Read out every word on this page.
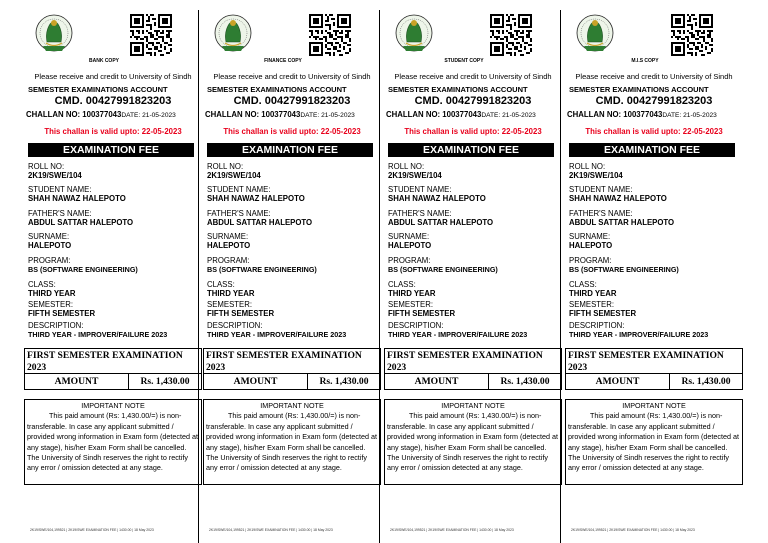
BANK COPY
Please receive and credit to University of Sindh
SEMESTER EXAMINATIONS ACCOUNT
CMD. 00427991823203
CHALLAN NO: 100377043DATE: 21-05-2023
This challan is valid upto: 22-05-2023
EXAMINATION FEE
ROLL NO:
2K19/SWE/104
STUDENT NAME:
SHAH NAWAZ HALEPOTO
FATHER'S NAME:
ABDUL SATTAR HALEPOTO
SURNAME:
HALEPOTO
PROGRAM:
BS (SOFTWARE ENGINEERING)
CLASS:
THIRD YEAR
SEMESTER:
FIFTH SEMESTER
DESCRIPTION:
THIRD YEAR - IMPROVER/FAILURE 2023
FIRST SEMESTER EXAMINATION 2023
AMOUNT	Rs. 1,430.00
IMPORTANT NOTE
This paid amount (Rs: 1,430.00/=) is non-transferable. In case any applicant submitted / provided wrong information in Exam form (detected at any stage), his/her Exam Form shall be cancelled. The University of Sindh reserves the right to rectify any error / omission detected at any stage.
2K19/SWE/104,199521 | 2K19/SWE EXAMINATION FEE | 1430.00 | 18 May 2023
FINANCE COPY
Please receive and credit to University of Sindh
SEMESTER EXAMINATIONS ACCOUNT
CMD. 00427991823203
CHALLAN NO: 100377043DATE: 21-05-2023
This challan is valid upto: 22-05-2023
EXAMINATION FEE
ROLL NO:
2K19/SWE/104
STUDENT NAME:
SHAH NAWAZ HALEPOTO
FATHER'S NAME:
ABDUL SATTAR HALEPOTO
SURNAME:
HALEPOTO
PROGRAM:
BS (SOFTWARE ENGINEERING)
CLASS:
THIRD YEAR
SEMESTER:
FIFTH SEMESTER
DESCRIPTION:
THIRD YEAR - IMPROVER/FAILURE 2023
FIRST SEMESTER EXAMINATION 2023
AMOUNT	Rs. 1,430.00
IMPORTANT NOTE
This paid amount (Rs: 1,430.00/=) is non-transferable. In case any applicant submitted / provided wrong information in Exam form (detected at any stage), his/her Exam Form shall be cancelled. The University of Sindh reserves the right to rectify any error / omission detected at any stage.
2K19/SWE/104,199521 | 2K19/SWE EXAMINATION FEE | 1430.00 | 18 May 2023
STUDENT COPY
Please receive and credit to University of Sindh
SEMESTER EXAMINATIONS ACCOUNT
CMD. 00427991823203
CHALLAN NO: 100377043DATE: 21-05-2023
This challan is valid upto: 22-05-2023
EXAMINATION FEE
ROLL NO:
2K19/SWE/104
STUDENT NAME:
SHAH NAWAZ HALEPOTO
FATHER'S NAME:
ABDUL SATTAR HALEPOTO
SURNAME:
HALEPOTO
PROGRAM:
BS (SOFTWARE ENGINEERING)
CLASS:
THIRD YEAR
SEMESTER:
FIFTH SEMESTER
DESCRIPTION:
THIRD YEAR - IMPROVER/FAILURE 2023
FIRST SEMESTER EXAMINATION 2023
AMOUNT	Rs. 1,430.00
IMPORTANT NOTE
This paid amount (Rs: 1,430.00/=) is non-transferable. In case any applicant submitted / provided wrong information in Exam form (detected at any stage), his/her Exam Form shall be cancelled. The University of Sindh reserves the right to rectify any error / omission detected at any stage.
2K19/SWE/104,199521 | 2K19/SWE EXAMINATION FEE | 1430.00 | 18 May 2023
M.I.S COPY
Please receive and credit to University of Sindh
SEMESTER EXAMINATIONS ACCOUNT
CMD. 00427991823203
CHALLAN NO: 100377043DATE: 21-05-2023
This challan is valid upto: 22-05-2023
EXAMINATION FEE
ROLL NO:
2K19/SWE/104
STUDENT NAME:
SHAH NAWAZ HALEPOTO
FATHER'S NAME:
ABDUL SATTAR HALEPOTO
SURNAME:
HALEPOTO
PROGRAM:
BS (SOFTWARE ENGINEERING)
CLASS:
THIRD YEAR
SEMESTER:
FIFTH SEMESTER
DESCRIPTION:
THIRD YEAR - IMPROVER/FAILURE 2023
FIRST SEMESTER EXAMINATION 2023
AMOUNT	Rs. 1,430.00
IMPORTANT NOTE
This paid amount (Rs: 1,430.00/=) is non-transferable. In case any applicant submitted / provided wrong information in Exam form (detected at any stage), his/her Exam Form shall be cancelled. The University of Sindh reserves the right to rectify any error / omission detected at any stage.
2K19/SWE/104,199521 | 2K19/SWE EXAMINATION FEE | 1430.00 | 18 May 2023
